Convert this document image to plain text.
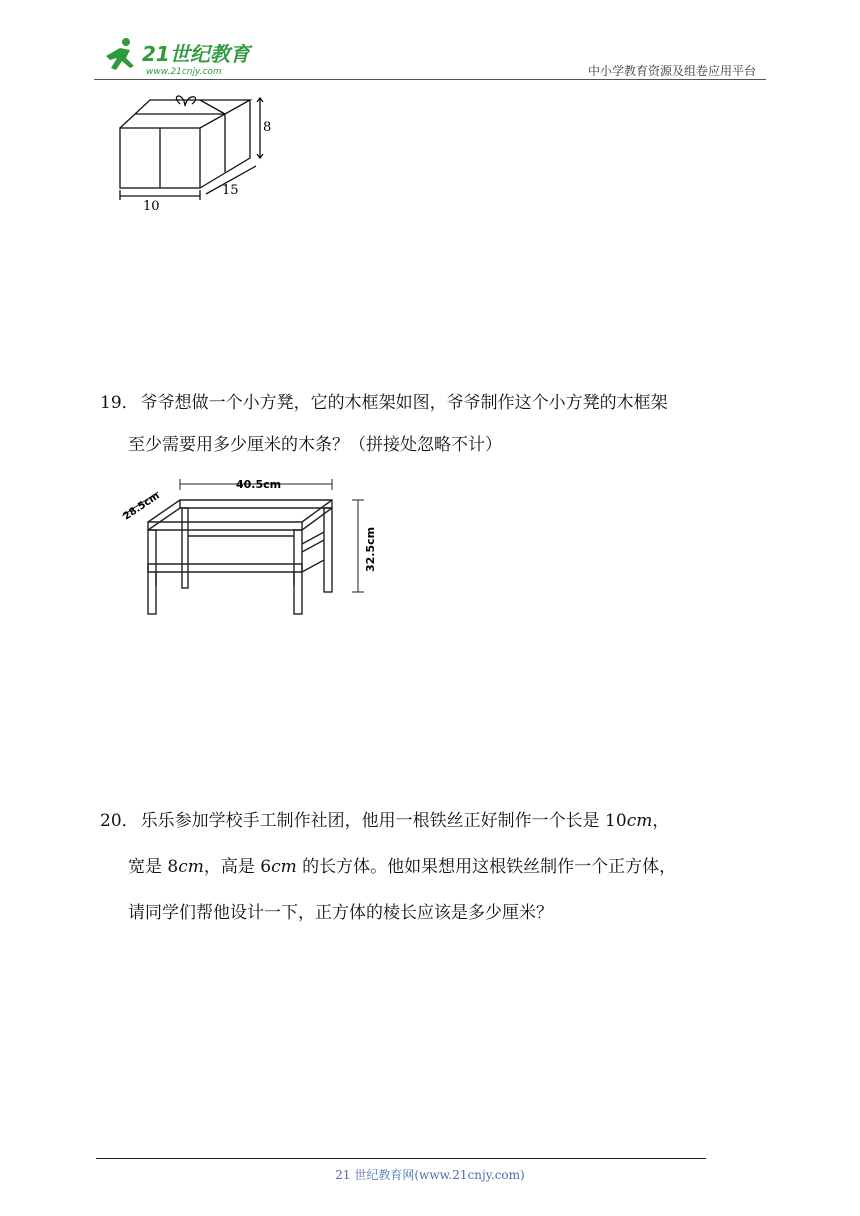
21世纪教育
www.21cnjy.com	中小学教育资源及组卷应用平台
8
10
15
19． 爷爷想做一个小方凳，它的木框架如图，爷爷制作这个小方凳的木框架
至少需要用多少厘米的木条？（拼接处忽略不计）
40.5cm
28.5cm
32.5cm
20． 乐乐参加学校手工制作社团，他用一根铁丝正好制作一个长是 10cm，
宽是 8cm，高是 6cm 的长方体。他如果想用这根铁丝制作一个正方体，
请同学们帮他设计一下，正方体的棱长应该是多少厘米？
21 世纪教育网(www.21cnjy.com)
